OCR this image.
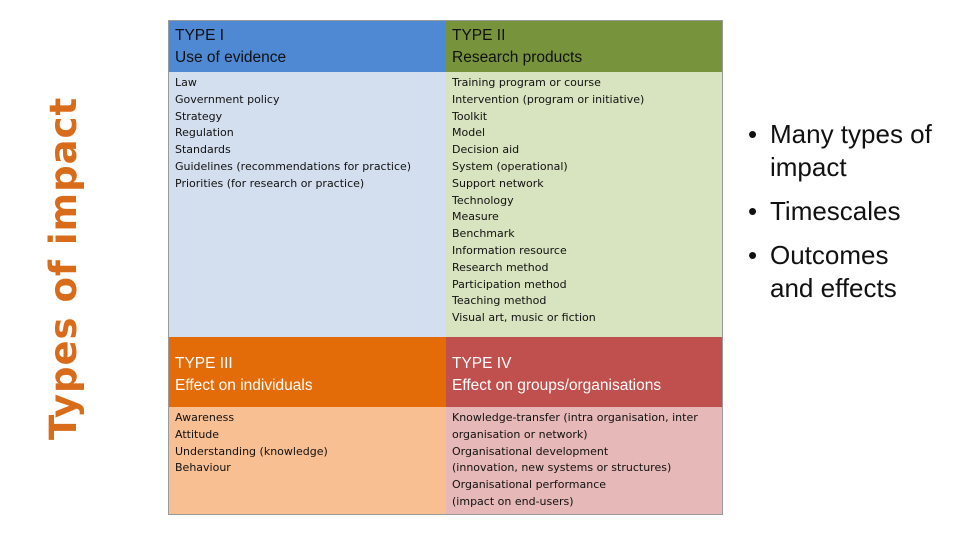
Types of impact
TYPE I
Use of evidence
TYPE II
Research products
Law
Government policy
Strategy
Regulation
Standards
Guidelines (recommendations for practice)
Priorities (for research or practice)
Training program or course
Intervention (program or initiative)
Toolkit
Model
Decision aid
System (operational)
Support network
Technology
Measure
Benchmark
Information resource
Research method
Participation method
Teaching method
Visual art, music or fiction
TYPE III
Effect on individuals
TYPE IV
Effect on groups/organisations
Awareness
Attitude
Understanding (knowledge)
Behaviour
Knowledge-transfer (intra organisation, inter
organisation or network)
Organisational development
(innovation, new systems or structures)
Organisational performance
(impact on end-users)
• Many types of
impact
• Timescales
• Outcomes
and effects
